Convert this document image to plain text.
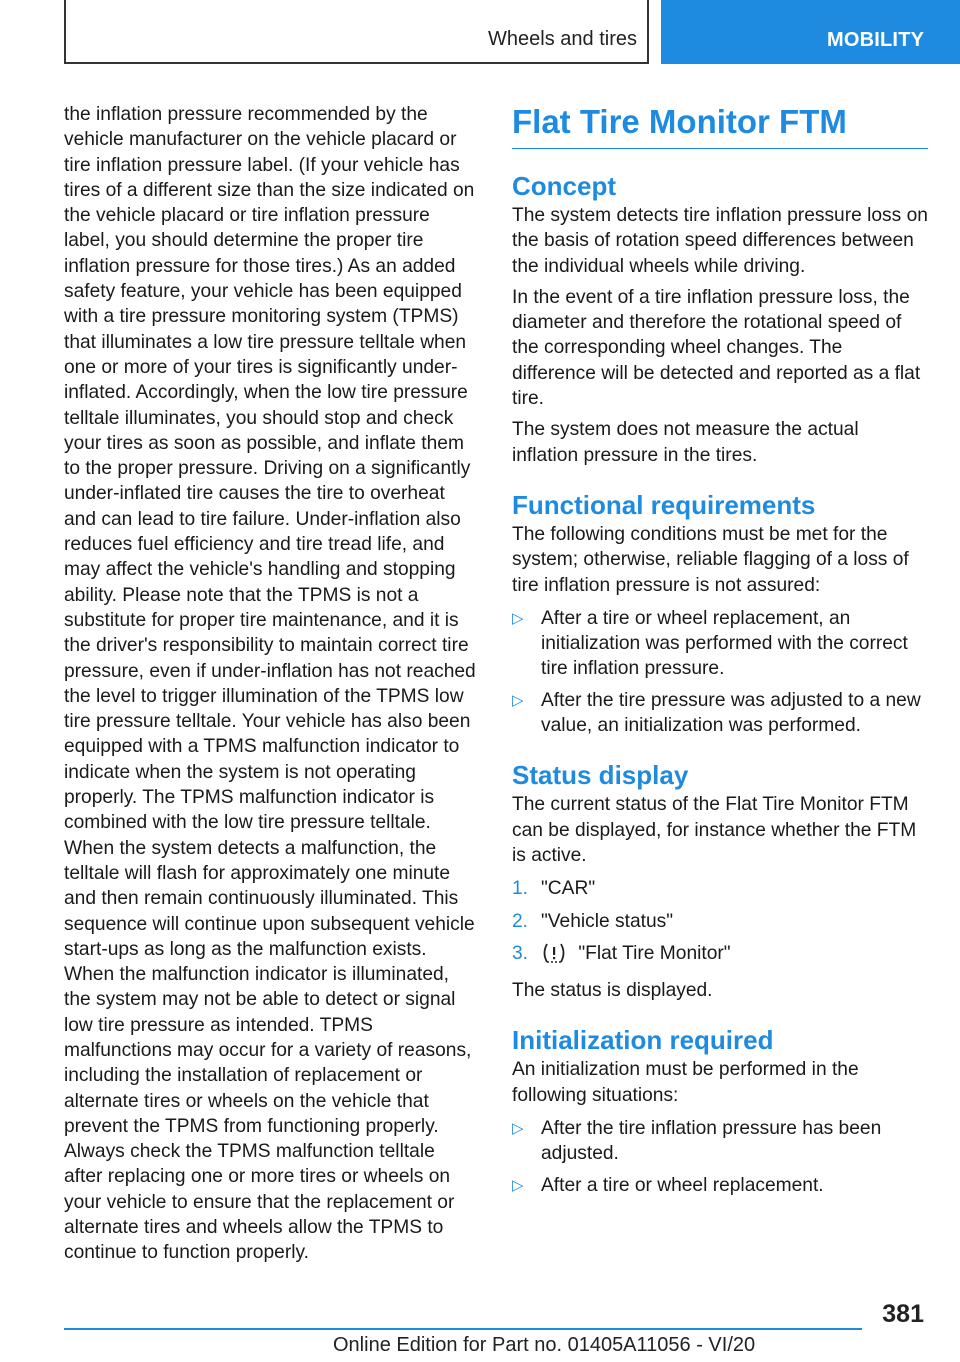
Wheels and tires	MOBILITY

the inflation pressure recommended by the vehicle manufacturer on the vehicle placard or tire inflation pressure label. (If your vehicle has tires of a different size than the size indicated on the vehicle placard or tire inflation pressure label, you should determine the proper tire inflation pressure for those tires.) As an added safety feature, your vehicle has been equipped with a tire pressure monitoring system (TPMS) that illuminates a low tire pressure telltale when one or more of your tires is significantly under-inflated. Accordingly, when the low tire pressure telltale illuminates, you should stop and check your tires as soon as possible, and inflate them to the proper pressure. Driving on a significantly under-inflated tire causes the tire to overheat and can lead to tire failure. Under-inflation also reduces fuel efficiency and tire tread life, and may affect the vehicle's handling and stopping ability. Please note that the TPMS is not a substitute for proper tire maintenance, and it is the driver's responsibility to maintain correct tire pressure, even if under-inflation has not reached the level to trigger illumination of the TPMS low tire pressure telltale. Your vehicle has also been equipped with a TPMS malfunction indicator to indicate when the system is not operating properly. The TPMS malfunction indicator is combined with the low tire pressure telltale. When the system detects a malfunction, the telltale will flash for approximately one minute and then remain continuously illuminated. This sequence will continue upon subsequent vehicle start-ups as long as the malfunction exists. When the malfunction indicator is illuminated, the system may not be able to detect or signal low tire pressure as intended. TPMS malfunctions may occur for a variety of reasons, including the installation of replacement or alternate tires or wheels on the vehicle that prevent the TPMS from functioning properly. Always check the TPMS malfunction telltale after replacing one or more tires or wheels on your vehicle to ensure that the replacement or alternate tires and wheels allow the TPMS to continue to function properly.

Flat Tire Monitor FTM
Concept

The system detects tire inflation pressure loss on the basis of rotation speed differences between the individual wheels while driving.

In the event of a tire inflation pressure loss, the diameter and therefore the rotational speed of the corresponding wheel changes. The difference will be detected and reported as a flat tire.

The system does not measure the actual inflation pressure in the tires.

Functional requirements

The following conditions must be met for the system; otherwise, reliable flagging of a loss of tire inflation pressure is not assured:

▷ After a tire or wheel replacement, an initialization was performed with the correct tire inflation pressure.
▷ After the tire pressure was adjusted to a new value, an initialization was performed.
Status display

The current status of the Flat Tire Monitor FTM can be displayed, for instance whether the FTM is active.

1. "CAR"
2. "Vehicle status"
3.	"Flat Tire Monitor"

The status is displayed.

Initialization required

An initialization must be performed in the following situations:

▷ After the tire inflation pressure has been adjusted.
▷ After a tire or wheel replacement.
381
Online Edition for Part no. 01405A11056 - VI/20
